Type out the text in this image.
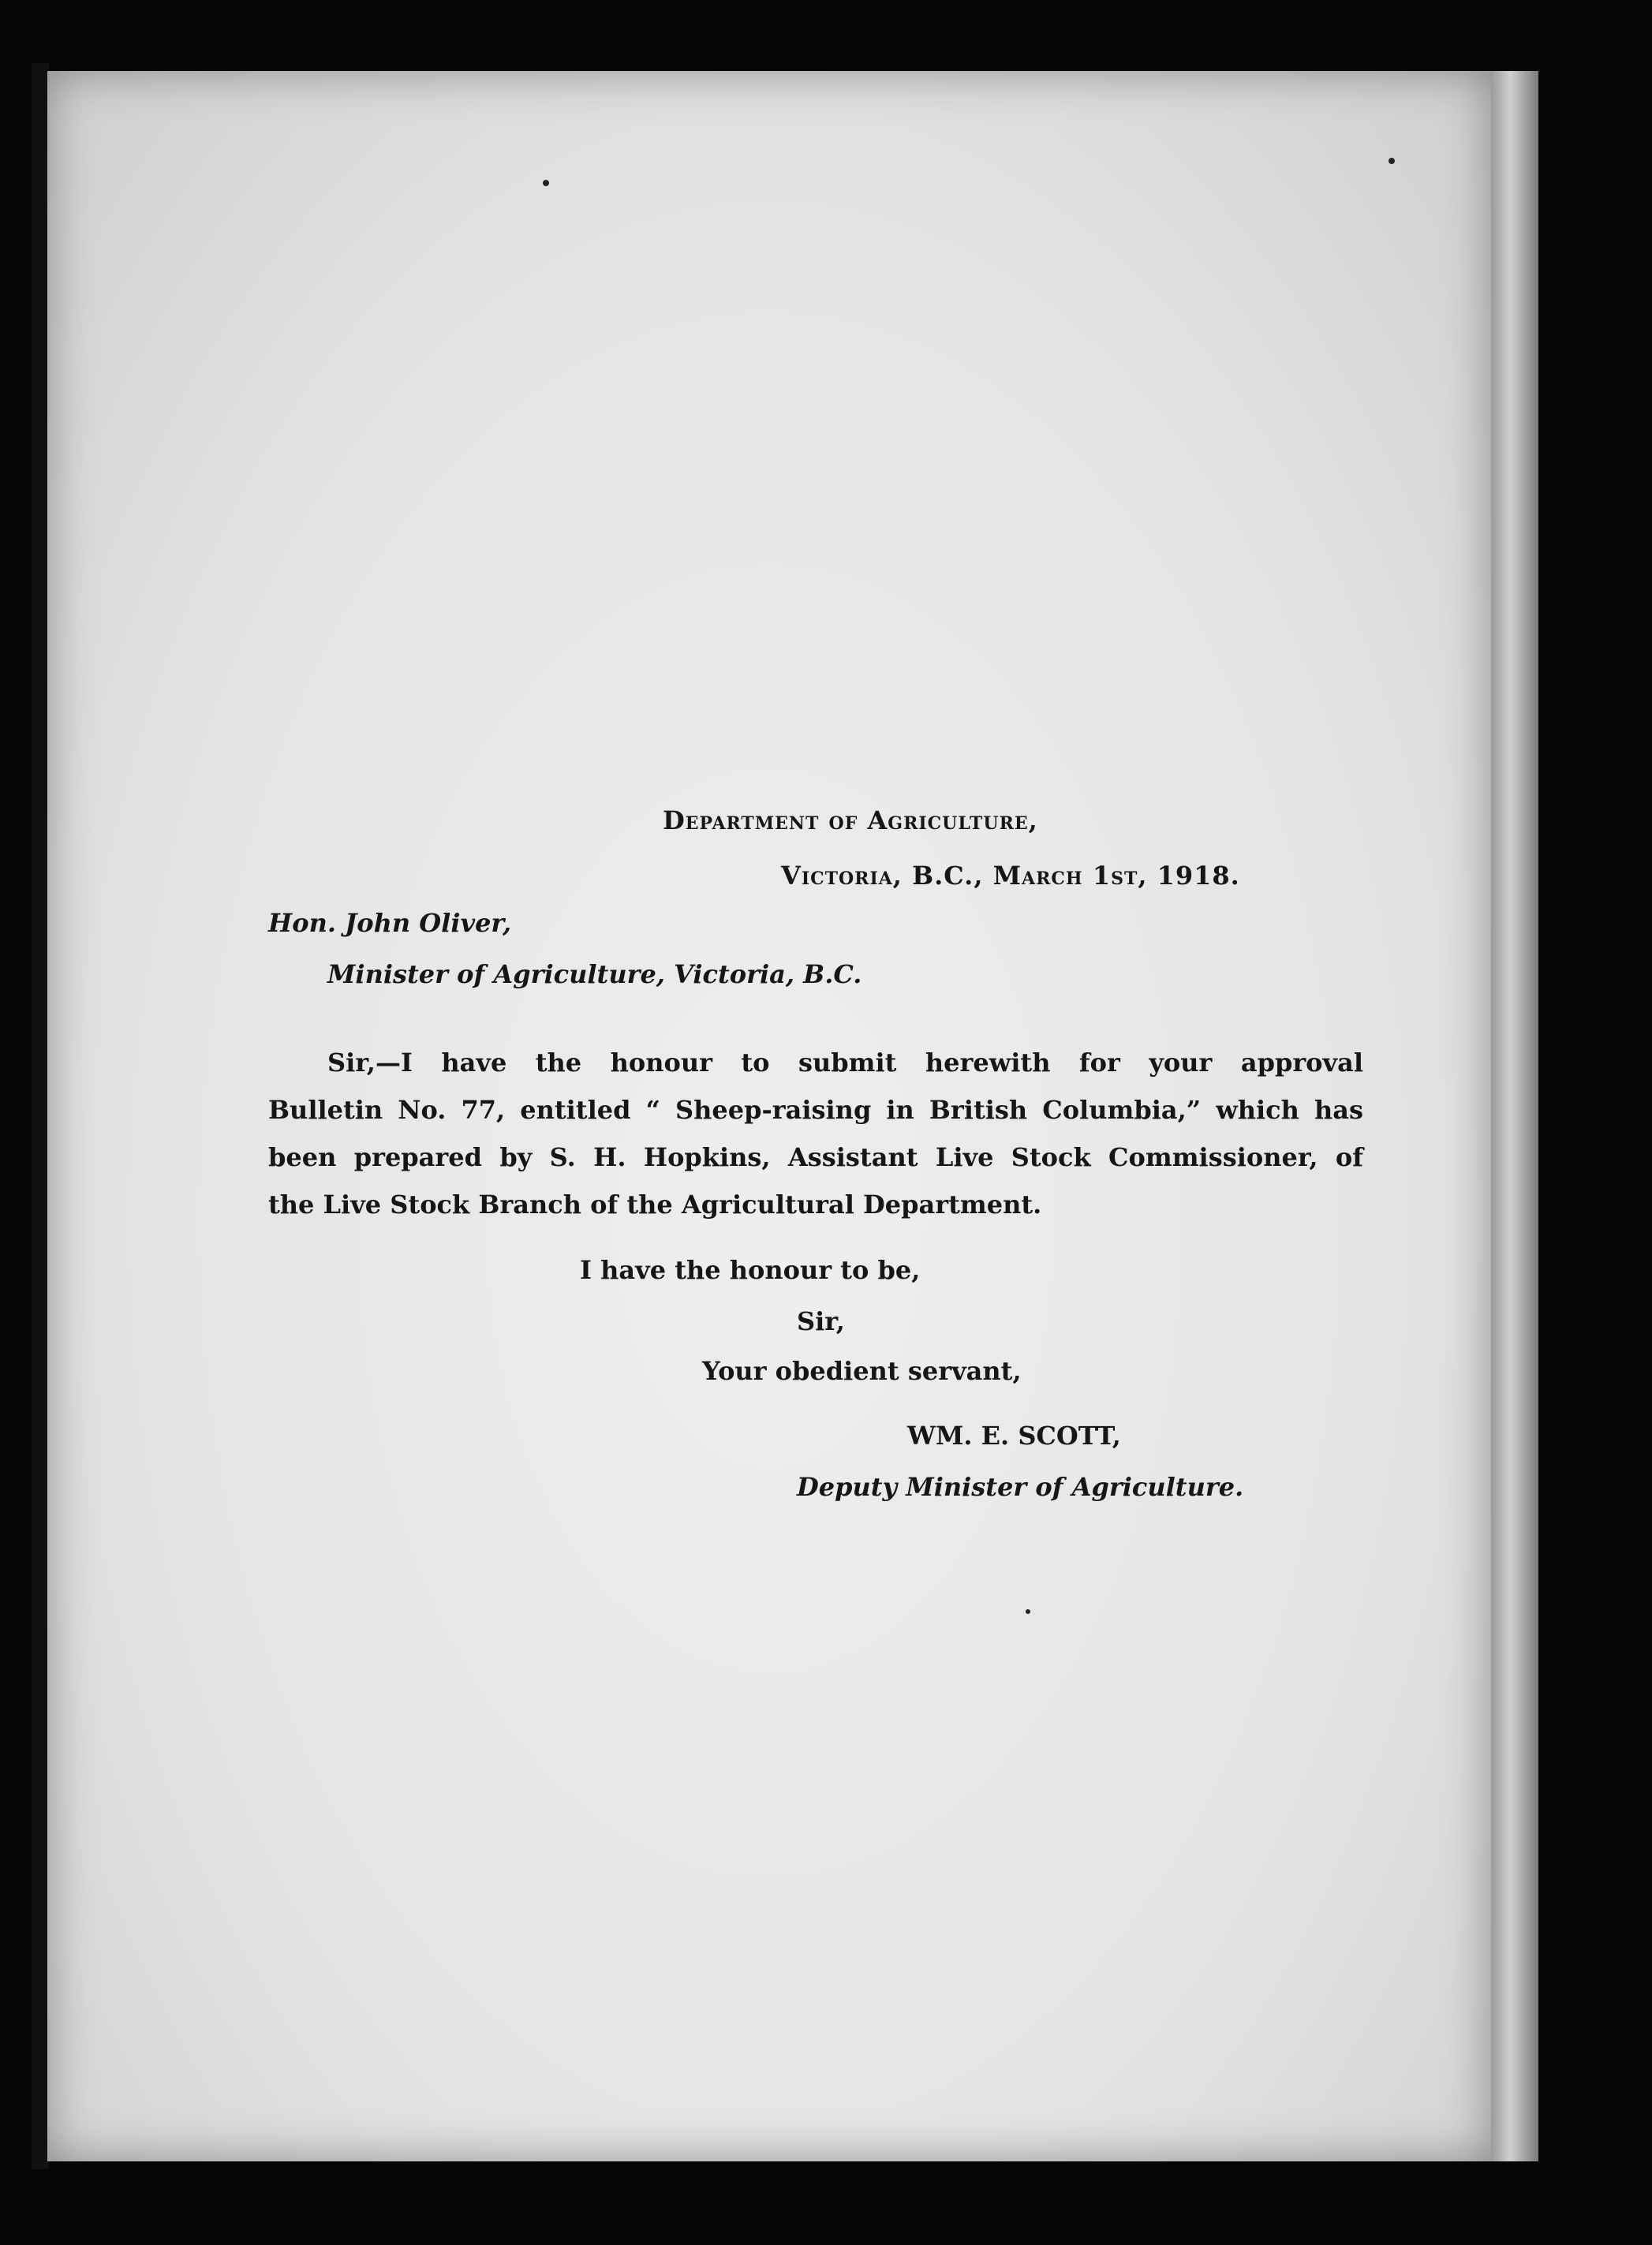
Department of Agriculture,
Victoria, B.C., March 1st, 1918.
Hon. John Oliver,
Minister of Agriculture, Victoria, B.C.
Sir,—I have the honour to submit herewith for your approval
Bulletin No. 77, entitled “ Sheep-raising in British Columbia,” which has
been prepared by S. H. Hopkins, Assistant Live Stock Commissioner, of
the Live Stock Branch of the Agricultural Department.
I have the honour to be,
Sir,
Your obedient servant,
WM. E. SCOTT,
Deputy Minister of Agriculture.
